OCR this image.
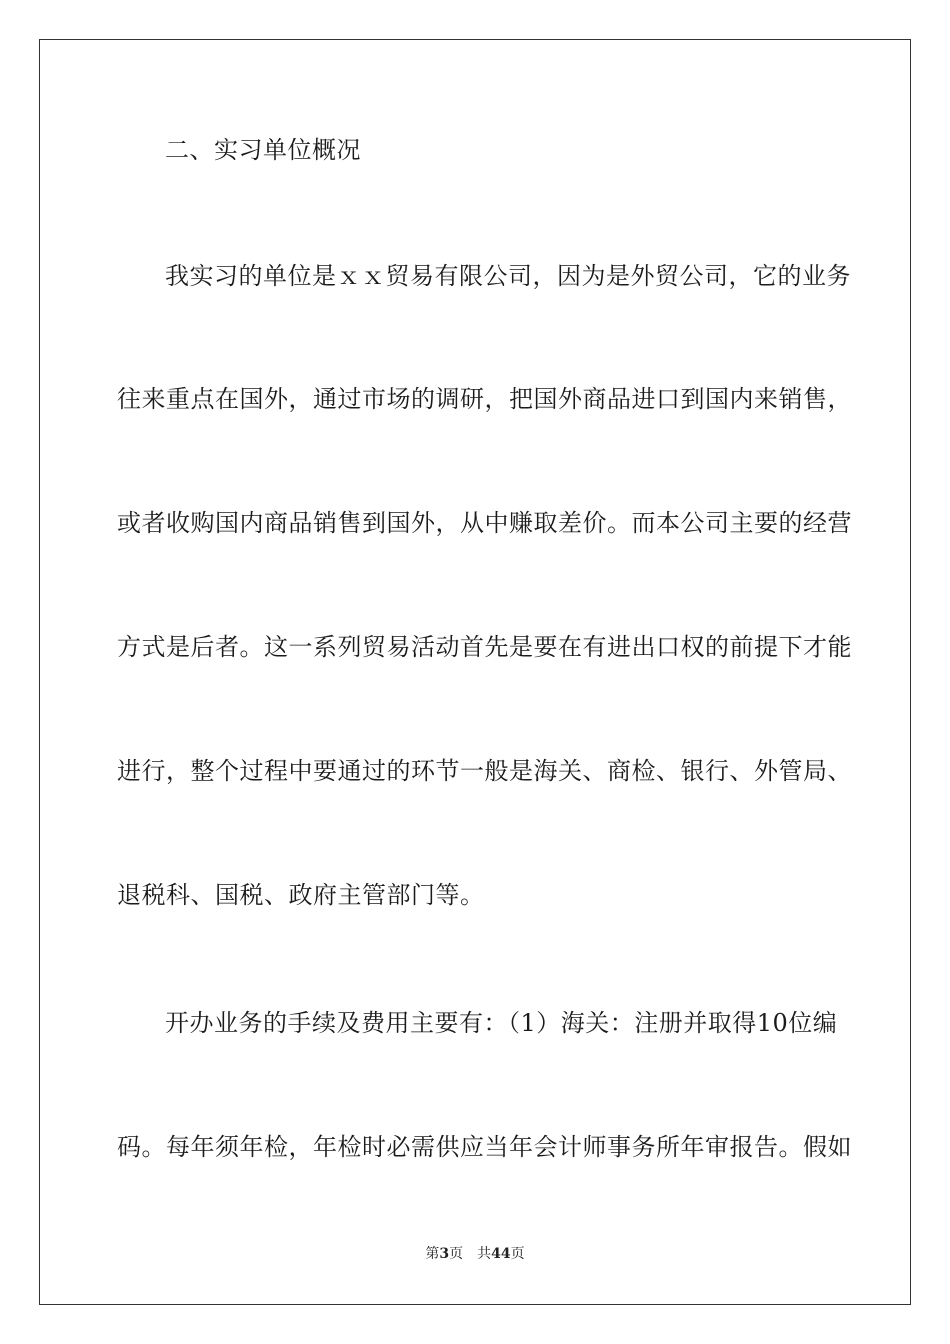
二、实习单位概况
我实习的单位是ｘｘ贸易有限公司，因为是外贸公司，它的业务
往来重点在国外，通过市场的调研，把国外商品进口到国内来销售，
或者收购国内商品销售到国外，从中赚取差价。而本公司主要的经营
方式是后者。这一系列贸易活动首先是要在有进出口权的前提下才能
进行，整个过程中要通过的环节一般是海关、商检、银行、外管局、
退税科、国税、政府主管部门等。
开办业务的手续及费用主要有：（1）海关：注册并取得10位编
码。每年须年检，年检时必需供应当年会计师事务所年审报告。假如
第3页 共44页
